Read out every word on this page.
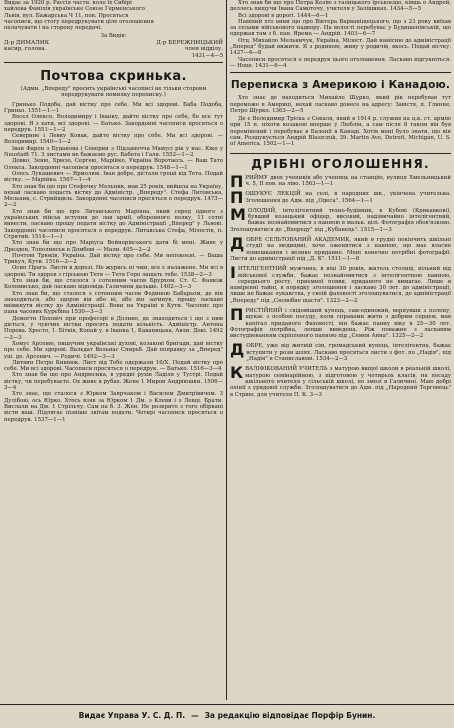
Видає за 1920 р. Рассія частн. коло їх Сибірі

хайлова Фамілія українське Союзе Герменського

Львів, вул. Бажарська Ч 11, пов. Просяться

часописи, що стогу передрукувати ціле оголошення

оплачувати і на сторону передачі.

За Видів:

Д-р ДИМАЛИК	Д-р БЕРЕЖНИЦЬКИЙ
касир, голова.	член відділу.

1431—4—5

Почтова скринька.

(Адмн. „Впереду" просить українські часописі не тільки сторони передрукувати помилку переписку.)

Гринько Подоба, дай вістку про себе. Ми всі здорові. Баба Подоба, Гриньо. 1551—1—1

Восєл Олексо, Володимиру і Іванку, дайте вістку про себе, бо все тут здорові. Я з хати, всі здорові. — Батько. Закордонні часописи просяться о передрук. 1551—1—2

Северине і Левку Ковак, дайте вістку про себе. Ми всі здорові. — Володимир. 1540—1—2

Іван Фарон з Буданова і Северин з Підзамочча Мамусі рік у нас. Кіко у Neustadt 71. З листами не бажаємо рус. Бабета і Галя. 1552—1—2

Довко, Зеню, Хрвсю, Сергею, Марійко, Україна Воротаєсь. — Ваш Тато Олекса. Закордонні часописи просяться о передрук. 1548—1—1

Олесь Лукашевич — Ярмолюк. Іван добре, дістали гроші від Тета. Подай вістку. — Марійка. 1567—1—4

Хто знав би що про Стефочку Мельник, мав 25 років, вийшла на Україну, нехай ласкаво подасть вістку до Адміністр. „Впереду". Стефа Литовська, Мельник, с. Стрийщиль. Закордонні часописи просяться о передрук. 1473—2—2

Хто знав би що про Литавського Маріяна, який серед одного з українських військ вступив до лав армії, оборонного полку, 11 сотні вивести, ласкаво прошу подати вістку до Адміністрації „Вперед" у Львові. Закордонні часописи просяться о передрук. Литавська Стефа, Мілостів, п. Стрятий. 1514—1—1

Хто знав би що про Маріуса Войнорівського дати бі мені. Живе у Дрезден, Тополинськ в Домбові — Мали. 405—2—2

Почтові Трюків, Україна. Дай вістку про себе. Ми непокоєні. — Ваша Трикул, Кути. 1516—2—2

Осип Прага. Листи в дорозі. Не журись ні чим, все є налажене. Ми всі в здорові. Ти здоров з гірською Тетя — Тетя Горо лащать тебе. 1538—2—3

Хто знав би, що сталося з сотенним часов Брурхом. Ст. С. Фанкіж Коломисько, дай ласкаво відповідь Галичини дальше. 1402—3—3

Хто знав би, що сталося з сотенним часов Фединою Бабарьом, де він знаходиться, або здоров він або ні, або він загинув, прошу ласкаво ввімкнути вістку до Адміністрації. Вони на Україні в Кути. Часопис про пана часових Курєбіна 1530—3—3

Домогтн Поповіч при професорі в Долине, де знаходиться і що з ним діється, у чуючих вістки просять подати кількість. Адміністр. Антона Порова. Хресто, 1. Бітків, Копай у. в Іванка 1, Каваницька, Авли. Докі. 1492—3—3

Хомус Арсеню, пишучим українські духові, козакові бригади, дай вістку про себе. Ми здорові. Вальдат Вольнас Спирьб. Дай поправку за „Вперед" уці. до. Арсенич. — Родичі. 1492—3—3

Литвин Петро Кивнюк. Лист від Тебе одержали 16/Х. Подай вістку про себе. Ми всі здорові. Часописи просяться о передрук. — Батько. 1516—3—4

Хто знав би що про Андрюсика, в урядні рухів Ладіля у Тустрі. Подай вістку, чи перебуваєте. Ох живе в рубах. Жене 1 Мирон Андріюшки. 1506—3—4

Хто знає, що сталося з Юрком Заярчаком і Василем Дмитрівичом. З Дулібою, ось Юрко. Хтось взяв за Юрком 1 Дм. з Клеви і з Левці. Брати. Вислали на Дм. 1 Стрільчу. Сам на б. 3. Жен. Не розкрито з того обірвані вісти ваш. Підлягає пізніше звітам подати. Чотирі часописи просяться о передрук. 1537—1—1

Хто знав би що про Петра Козію з галицького ірськоєщо, ківшь о Андрей, деллесь пищучи Івана Самоточу, учителя у Заліщиках. 1434—5—5

Всі здорові в дорогі. 1444—6—1

Наміхий хто вини що про Віктора Варваніщецького, що з 23 року виїхав за селами військового надвору. На волості перебуває у Будишенівській, що одержав там з б. пан. Ярема — Андрій. 1403—6—7

Отц. Михайло Мельничук, Україна, Мілост. Дай намісню до адміністрації „Вперед" будай вижити. Я з родиною, живу у родичів, вкось. Подай вістку. 1427—6—8

Часописи просяться о передрук цього оголошення. Ласкаво відгукніться. — Ноце. 1431—6—4

Переписка з Америкою і Канадою.

Хто знає де находиться Михайло Шурко, який рік перебував тут переможе в Америці, нехай ласкаво донесе на адресу: Завістя, п. Глинне, Петро Шурко. 1363—2—5

Де є Володимир Тріска з Сокаля, який в 1914 р. служив на ц.к. ст. армію при 15 п. піхоти козакові вперше у Люблін, а сам після 8 таком він був перемінений і перебуває в Балонії в Канаді. Хотів мені було знати, що він сам. Розшукується Андрій Blaszczuk, 39. Martin Ave, Detroit, Michigan, U. S. of America. 1502—1—1

ДРІБНІ ОГОЛОШЕННЯ.
П РИЙМУ двох учеників або учениць на станцію, вулиця Хмельницький ч. 5, II пов. на ліво. 1563—1—1

П ОШУКУЄ ЛЕКЦІЙ на селі, в народних шк., укінчена учителька. Зголошення до Адм. під „Одеса". 1564—1—1

М ОЛОДИЙ, інтелігентний техно-будівник, в Кубові (Крикавкові), бувший козацький офіцер, високий, надзвичайно інтелігентний, бажає познайомитися з панною в мальк. цілі. Фотографія обов'язково. Зголошуватися до „Впереду" під „Кубанець". 1515—1—3

Д ОБРЕ СЕЛЬТОВАНИЙ АКАДЕМИК, який в грудні покінчить шкільні студії на медицині, хоче оженитися з панною, що має власне помешкання і велике приданне. Мені конечно потрібні фотографії. Листи до адміністрації під „Д. К". 1511—1—8

І НТЕЛІГЕНТНИЙ мужчина, в віці 30 років, житель столиці, вільний від військової служби, бажає познайомитися з інтелігентною панною, середнього росту, приємної появи, приданого не вимагає. Лише в наміренні тайні, в порядку зголошення і ласкаво 30 лет. до адміністрації, лише не бажає лукавства, у своїй фаховості зголошуватися, до адміністрації „Впереду" під „Сюлюбне щастя". 1323—2—2

П РИСТІЙНИЙ і свідоміший купець, сам-одинокий, вернувши з полону, шукає з особою посуду, коли справами жити з добрим серцем, мав капітал приданого Фаховості, він бажає панну віку в 25—30 лет. Фотографія потрібна, лепше виведена. Ріж поважне з ласкавим вистудіюванням скріпленого панною під „Семен Анна". 1325—2—2

Д ОБРЕ, уже від житній сім, громадський купець, інтелігентна, бажає вступити у розм шлях. Ласкаво просяться листи з фот. по „Надія", під „Надія" в Станиславові. 1534—2—3

К ВАЛІФІКОВАНИЙ УЧИТЕЛЬ з матурою вищої школи в реальній школі, матурою семінарійною, з підготовою у чотирьох класів, на посаду шкільного вчителя у сільській школі, по змозі в Галичині. Маю добрі опінії з урядової служби. Зголошуватися до Адм. під „Народний Торговець" в Стрию, для учителя П. К. 3—3

Видає Управа У. С. Д. П. — За редакцію відповідає Порфір Бунин.
